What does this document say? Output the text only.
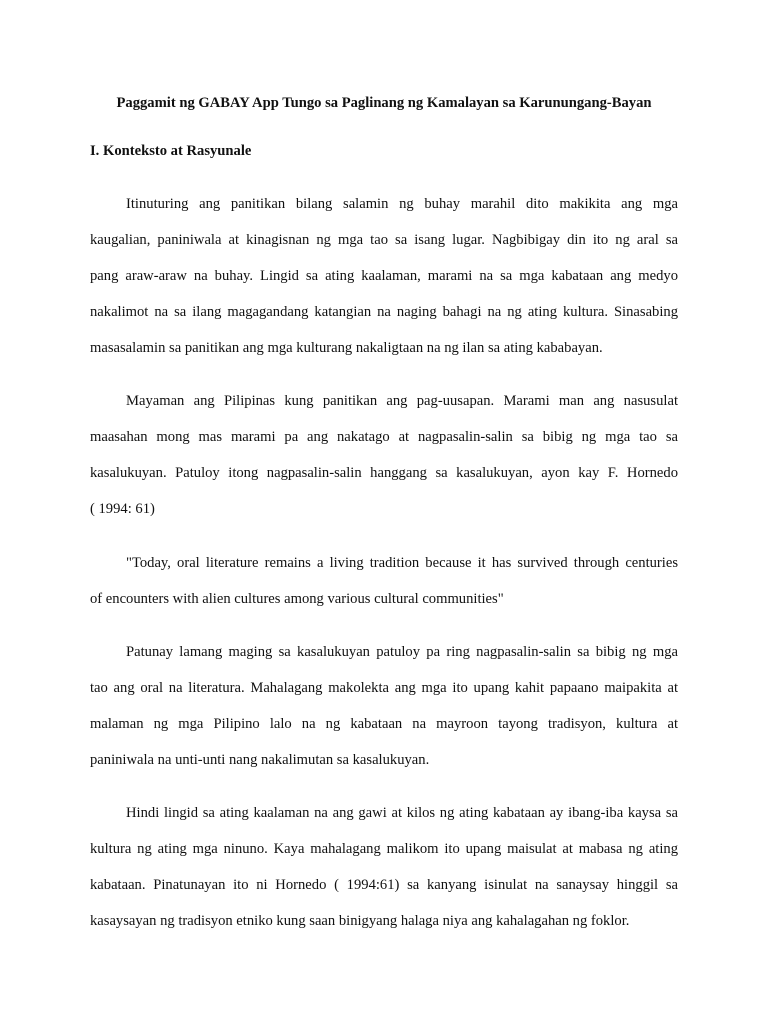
Paggamit ng GABAY App Tungo sa Paglinang ng Kamalayan sa Karunungang-Bayan
I. Konteksto at Rasyunale
Itinuturing ang panitikan bilang salamin ng buhay marahil dito makikita ang mga
kaugalian, paniniwala at kinagisnan ng mga tao sa isang lugar. Nagbibigay din ito ng aral sa
pang araw-araw na buhay. Lingid sa ating kaalaman, marami na sa mga kabataan ang medyo
nakalimot na sa ilang magagandang katangian na naging bahagi na ng ating kultura. Sinasabing
masasalamin sa panitikan ang mga kulturang nakaligtaan na ng ilan sa ating kababayan.
Mayaman ang Pilipinas kung panitikan ang pag-uusapan. Marami man ang nasusulat
maasahan mong mas marami pa ang nakatago at nagpasalin-salin sa bibig ng mga tao sa
kasalukuyan. Patuloy itong nagpasalin-salin hanggang sa kasalukuyan, ayon kay F. Hornedo
( 1994: 61)
"Today, oral literature remains a living tradition because it has survived through centuries
of encounters with alien cultures among various cultural communities"
Patunay lamang maging sa kasalukuyan patuloy pa ring nagpasalin-salin sa bibig ng mga
tao ang oral na literatura. Mahalagang makolekta ang mga ito upang kahit papaano maipakita at
malaman ng mga Pilipino lalo na ng kabataan na mayroon tayong tradisyon, kultura at
paniniwala na unti-unti nang nakalimutan sa kasalukuyan.
Hindi lingid sa ating kaalaman na ang gawi at kilos ng ating kabataan ay ibang-iba kaysa sa
kultura ng ating mga ninuno. Kaya mahalagang malikom ito upang maisulat at mabasa ng ating
kabataan. Pinatunayan ito ni Hornedo ( 1994:61) sa kanyang isinulat na sanaysay hinggil sa
kasaysayan ng tradisyon etniko kung saan binigyang halaga niya ang kahalagahan ng foklor.
